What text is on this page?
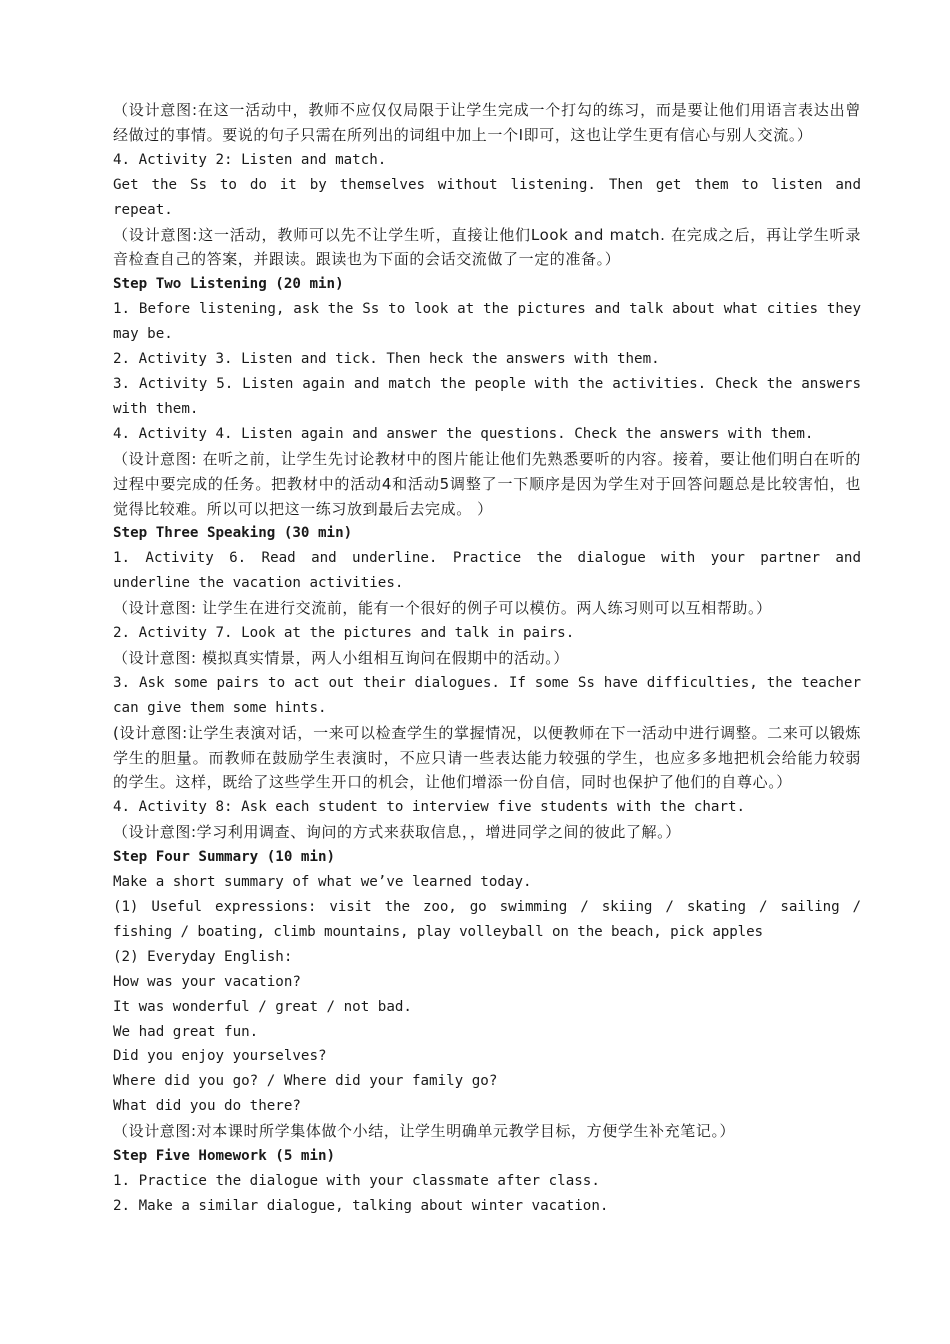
（设计意图:在这一活动中，教师不应仅仅局限于让学生完成一个打勾的练习，而是要让他们用语言表达出曾经做过的事情。要说的句子只需在所列出的词组中加上一个I即可，这也让学生更有信心与别人交流。）

4. Activity 2: Listen and match.

Get the Ss to do it by themselves without listening. Then get them to listen and repeat.

（设计意图:这一活动，教师可以先不让学生听，直接让他们Look and match. 在完成之后，再让学生听录音检查自己的答案，并跟读。跟读也为下面的会话交流做了一定的准备。）

Step Two Listening (20 min)

1. Before listening, ask the Ss to look at the pictures and talk about what cities they may be.

2. Activity 3. Listen and tick. Then heck the answers with them.

3. Activity 5. Listen again and match the people with the activities. Check the answers with them.

4. Activity 4. Listen again and answer the questions. Check the answers with them.

（设计意图: 在听之前，让学生先讨论教材中的图片能让他们先熟悉要听的内容。接着，要让他们明白在听的过程中要完成的任务。把教材中的活动4和活动5调整了一下顺序是因为学生对于回答问题总是比较害怕，也觉得比较难。所以可以把这一练习放到最后去完成。 ）

Step Three Speaking (30 min)

1. Activity 6. Read and underline. Practice the dialogue with your partner and underline the vacation activities.

（设计意图: 让学生在进行交流前，能有一个很好的例子可以模仿。两人练习则可以互相帮助。）

2. Activity 7. Look at the pictures and talk in pairs.

（设计意图: 模拟真实情景，两人小组相互询问在假期中的活动。）

3. Ask some pairs to act out their dialogues. If some Ss have difficulties, the teacher can give them some hints.

(设计意图:让学生表演对话，一来可以检查学生的掌握情况，以便教师在下一活动中进行调整。二来可以锻炼学生的胆量。而教师在鼓励学生表演时，不应只请一些表达能力较强的学生，也应多多地把机会给能力较弱的学生。这样，既给了这些学生开口的机会，让他们增添一份自信，同时也保护了他们的自尊心。）

4. Activity 8: Ask each student to interview five students with the chart.

（设计意图:学习利用调查、询问的方式来获取信息，，增进同学之间的彼此了解。）

Step Four Summary (10 min)

Make a short summary of what we’ve learned today.

(1) Useful expressions: visit the zoo, go swimming / skiing / skating / sailing / fishing / boating, climb mountains, play volleyball on the beach, pick apples

(2) Everyday English:

How was your vacation?

It was wonderful / great / not bad.

We had great fun.

Did you enjoy yourselves?

Where did you go? / Where did your family go?

What did you do there?

（设计意图:对本课时所学集体做个小结，让学生明确单元教学目标，方便学生补充笔记。）

Step Five Homework (5 min)

1. Practice the dialogue with your classmate after class.

2. Make a similar dialogue, talking about winter vacation.
